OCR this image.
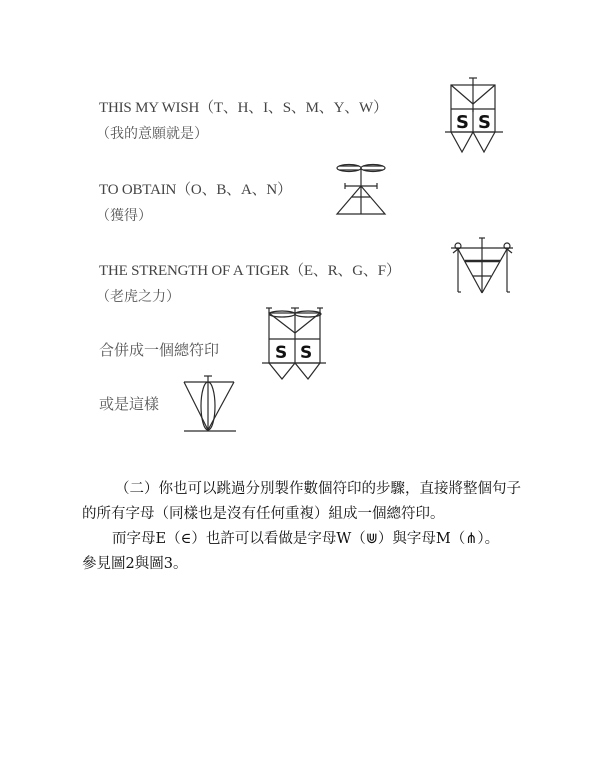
THIS MY WISH（T、H、I、S、M、Y、W）
（我的意願就是）
S S
TO OBTAIN（O、B、A、N）
（獲得）
THE STRENGTH OF A TIGER（E、R、G、F）
（老虎之力）
合併成一個總符印	S S
或是這樣
（二）你也可以跳過分別製作數個符印的步驟，直接將整個句子
的所有字母（同樣也是沒有任何重複）組成一個總符印。
而字母E（∈）也許可以看做是字母W（⋓）與字母M（⋔）。
參見圖2與圖3。
